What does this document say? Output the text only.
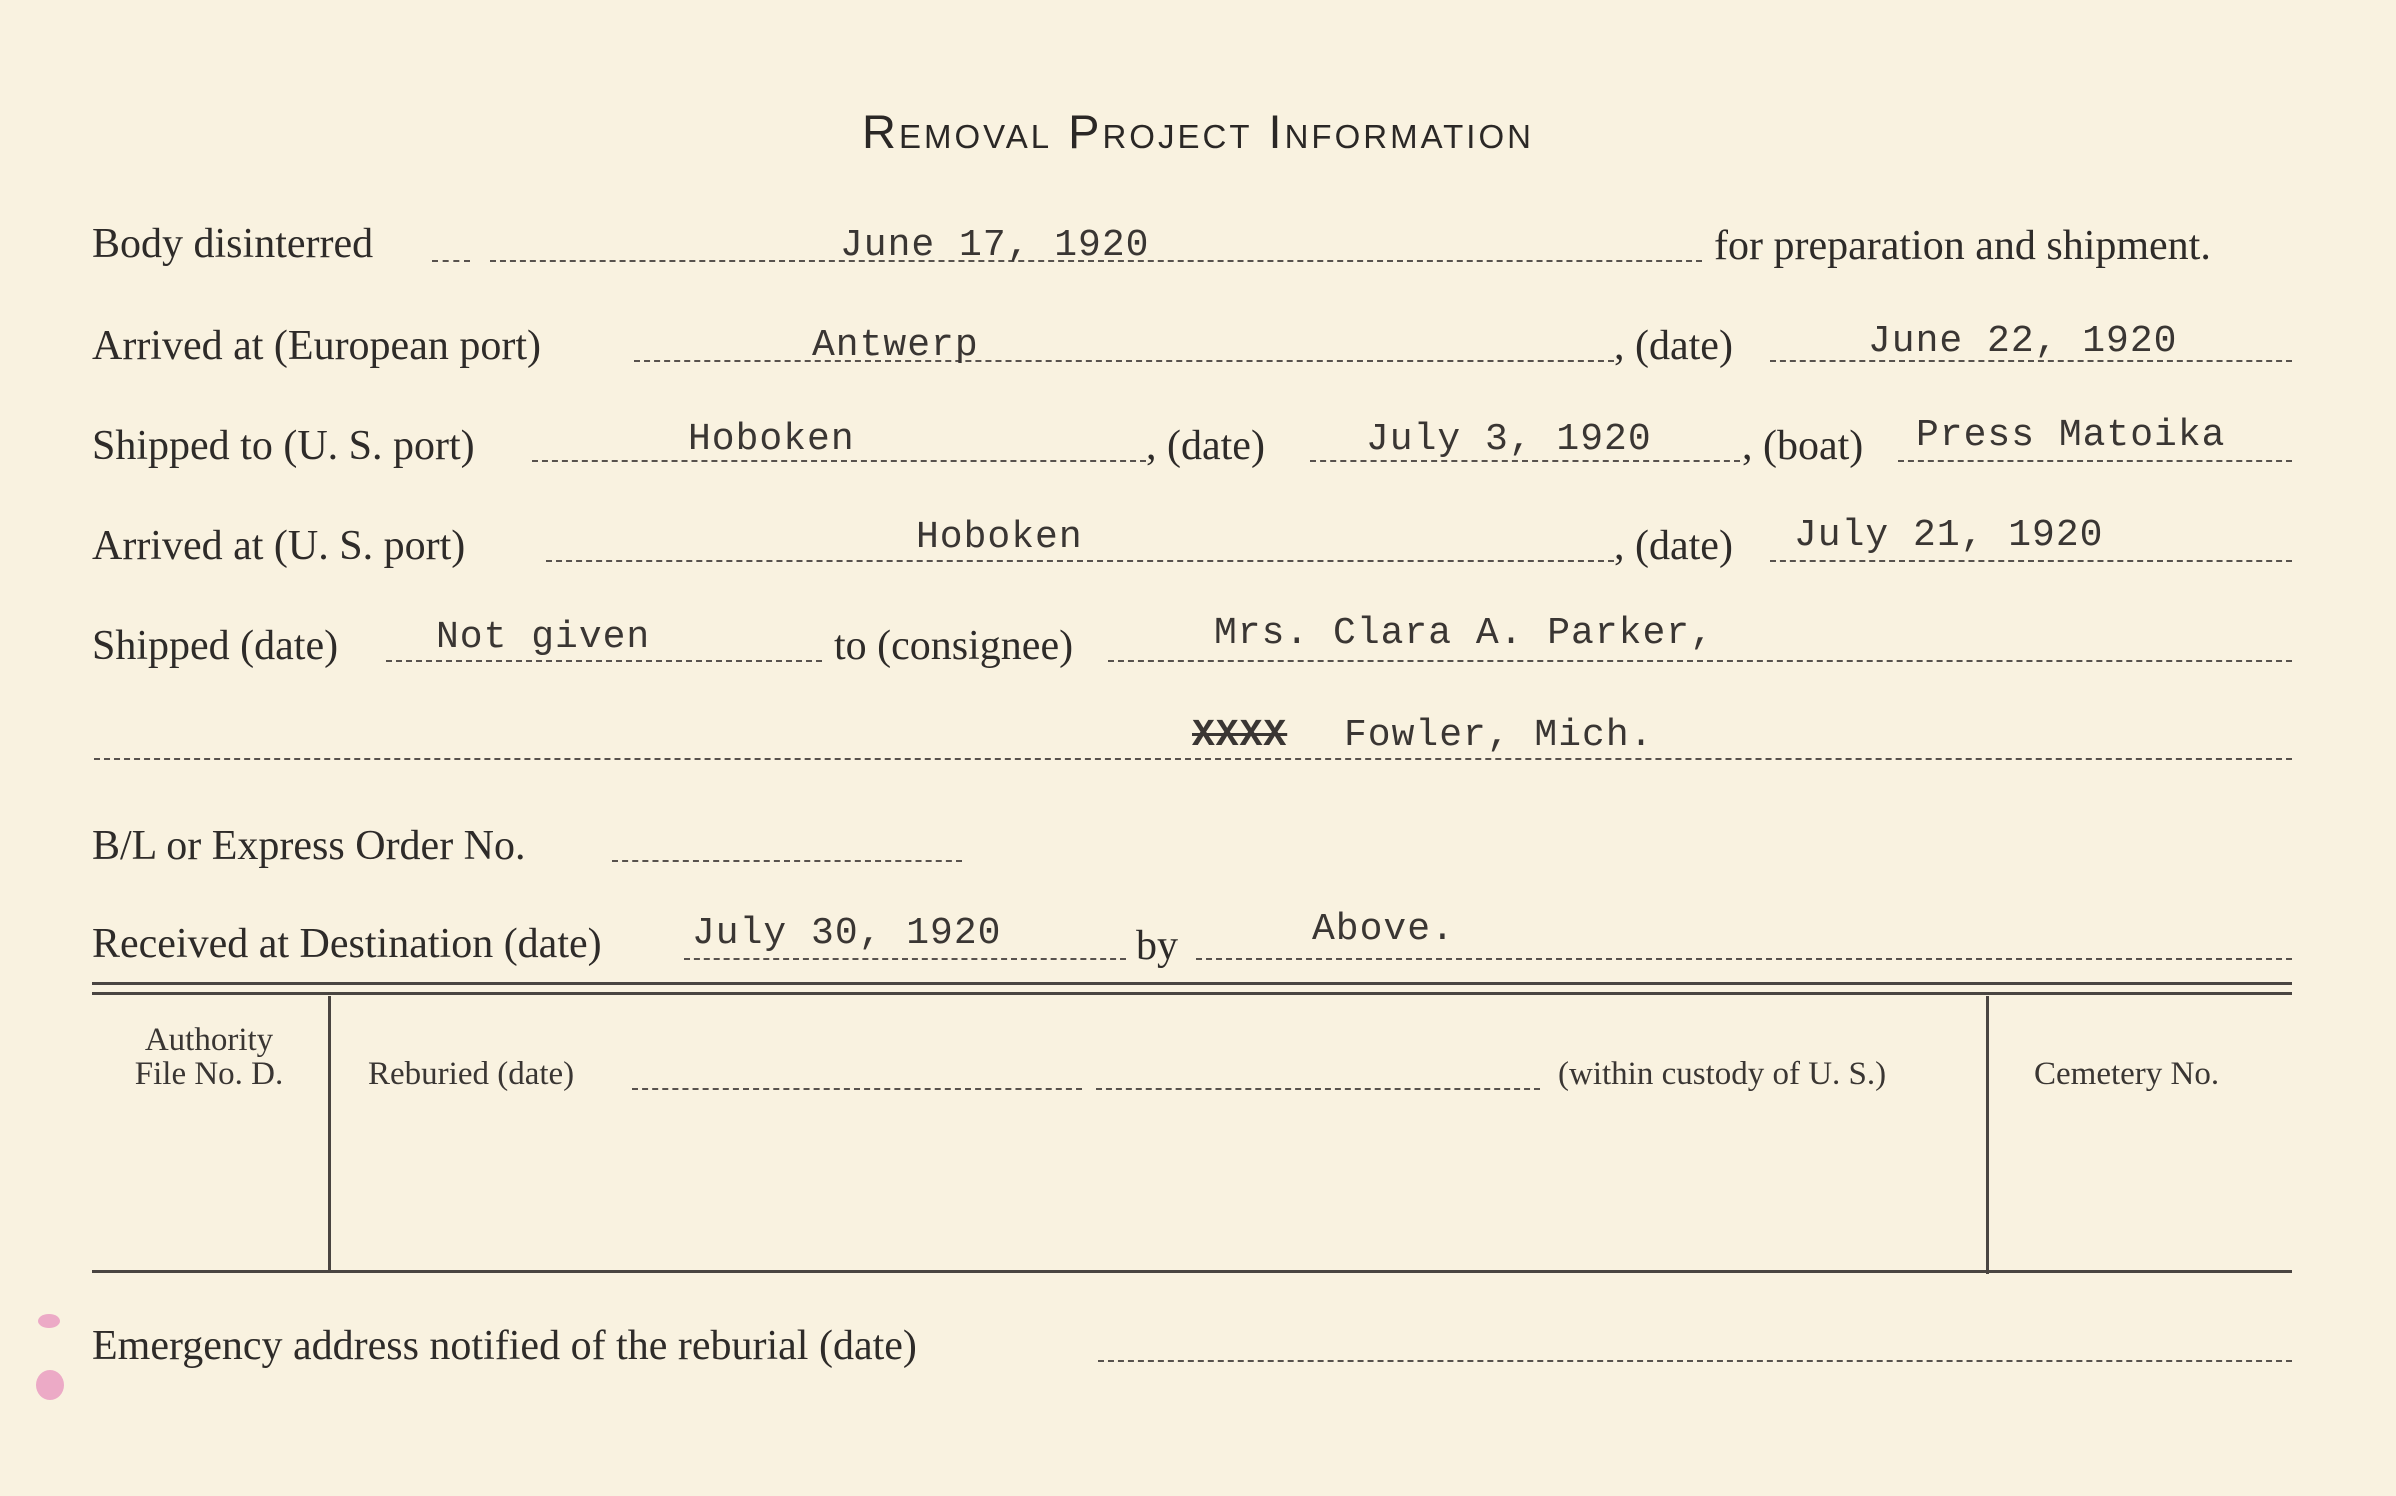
Removal Project Information
Body disinterred	June 17, 1920	for preparation and shipment.
Arrived at (European port)	Antwerp	, (date)	June 22, 1920
Shipped to (U. S. port)	Hoboken	, (date)	July 3, 1920 , (boat) Press Matoika
Arrived at (U. S. port)	Hoboken	, (date) July 21, 1920
Shipped (date)	Not given	to (consignee)	Mrs. Clara A. Parker,
XXXX Fowler, Mich.
B/L or Express Order No.
Received at Destination (date) July 30, 1920	by	Above.
Authority
File No. D.	Reburied (date)	(within custody of U. S.)	Cemetery No.
Emergency address notified of the reburial (date)
